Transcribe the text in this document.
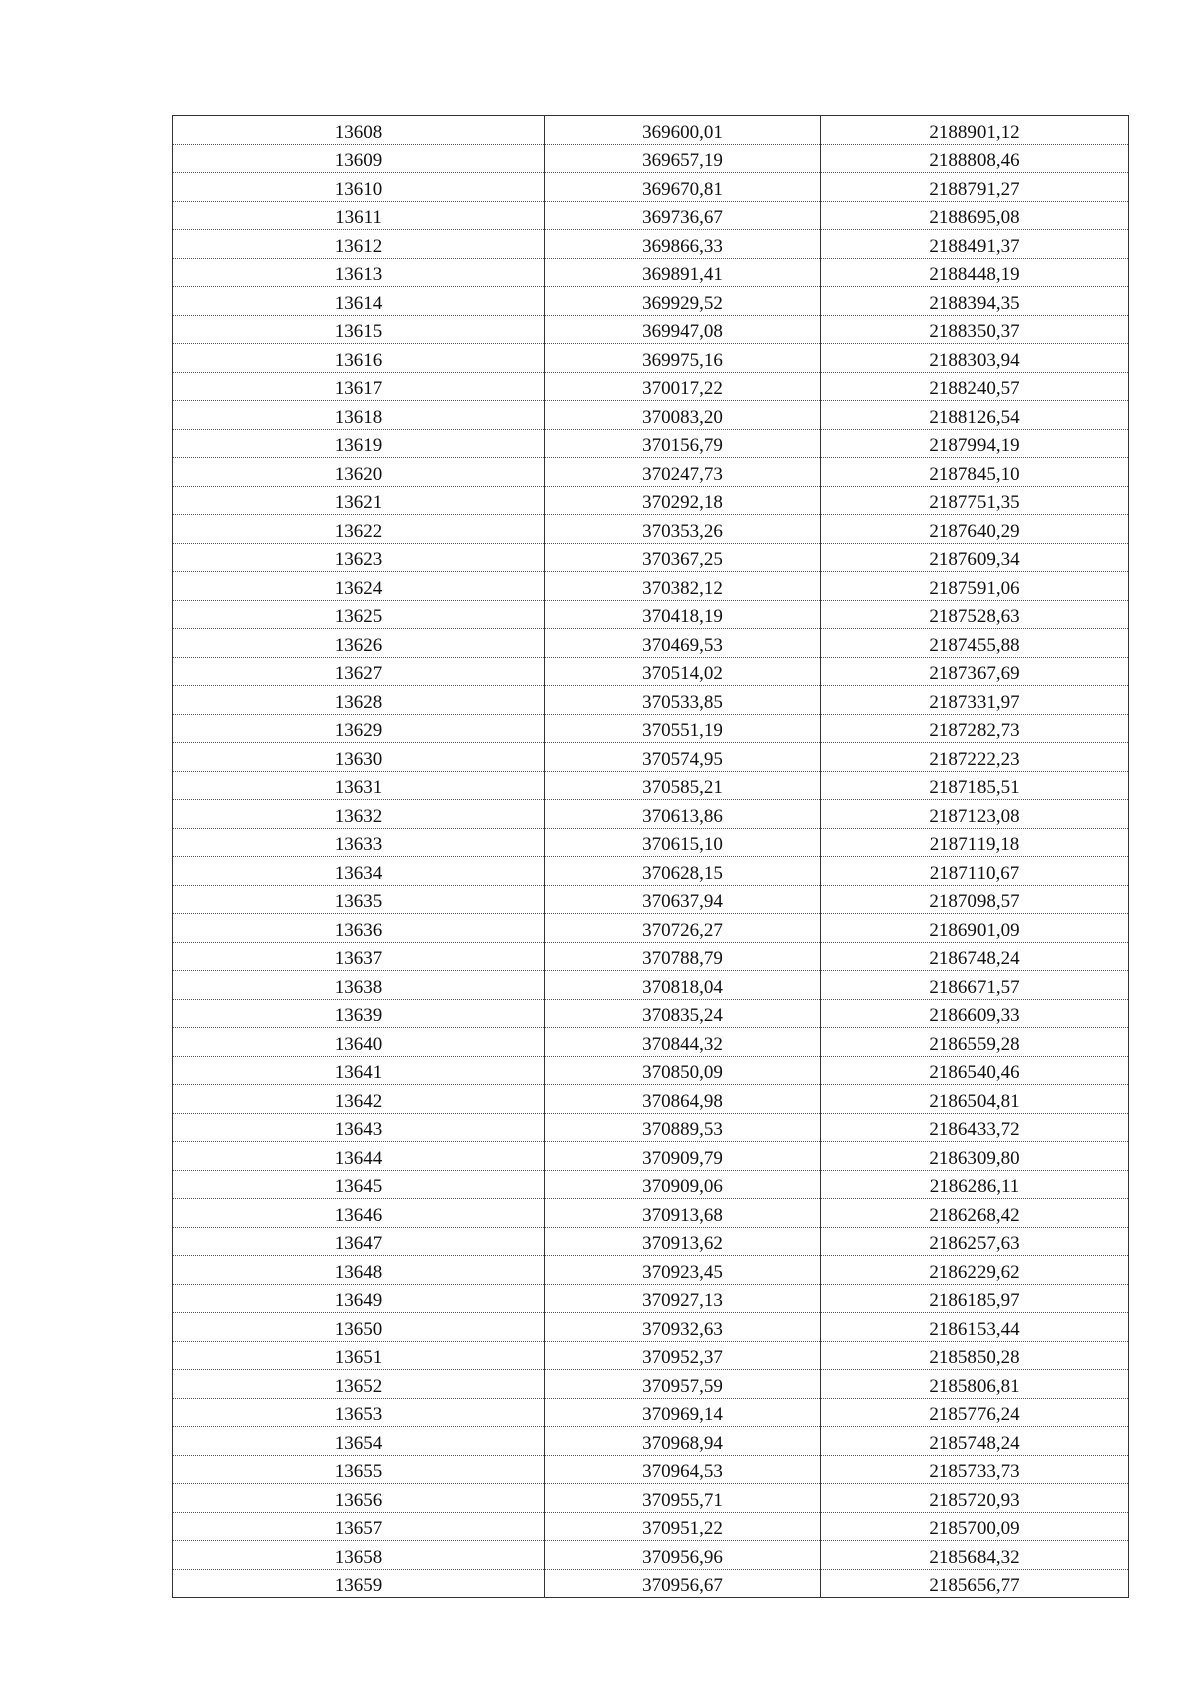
13608	369600,01	2188901,12
13609	369657,19	2188808,46
13610	369670,81	2188791,27
13611	369736,67	2188695,08
13612	369866,33	2188491,37
13613	369891,41	2188448,19
13614	369929,52	2188394,35
13615	369947,08	2188350,37
13616	369975,16	2188303,94
13617	370017,22	2188240,57
13618	370083,20	2188126,54
13619	370156,79	2187994,19
13620	370247,73	2187845,10
13621	370292,18	2187751,35
13622	370353,26	2187640,29
13623	370367,25	2187609,34
13624	370382,12	2187591,06
13625	370418,19	2187528,63
13626	370469,53	2187455,88
13627	370514,02	2187367,69
13628	370533,85	2187331,97
13629	370551,19	2187282,73
13630	370574,95	2187222,23
13631	370585,21	2187185,51
13632	370613,86	2187123,08
13633	370615,10	2187119,18
13634	370628,15	2187110,67
13635	370637,94	2187098,57
13636	370726,27	2186901,09
13637	370788,79	2186748,24
13638	370818,04	2186671,57
13639	370835,24	2186609,33
13640	370844,32	2186559,28
13641	370850,09	2186540,46
13642	370864,98	2186504,81
13643	370889,53	2186433,72
13644	370909,79	2186309,80
13645	370909,06	2186286,11
13646	370913,68	2186268,42
13647	370913,62	2186257,63
13648	370923,45	2186229,62
13649	370927,13	2186185,97
13650	370932,63	2186153,44
13651	370952,37	2185850,28
13652	370957,59	2185806,81
13653	370969,14	2185776,24
13654	370968,94	2185748,24
13655	370964,53	2185733,73
13656	370955,71	2185720,93
13657	370951,22	2185700,09
13658	370956,96	2185684,32
13659	370956,67	2185656,77
